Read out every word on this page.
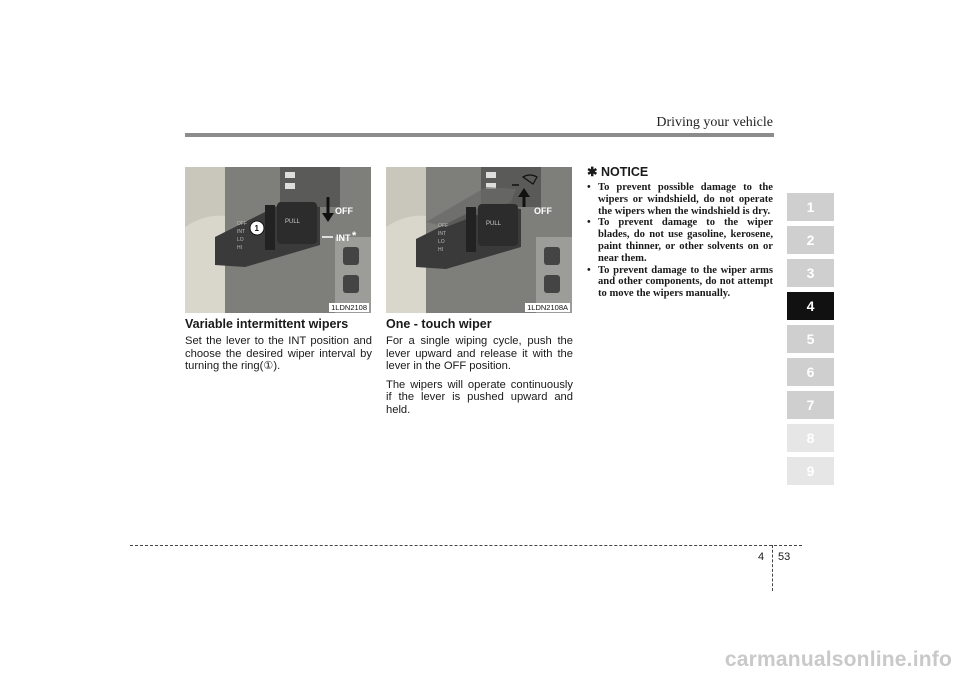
Driving your vehicle
PULL
OFF
INT
LO
HI
1
OFF
INT *
1LDN2108
PULL
OFF
INT
LO
HI
OFF
1LDN2108A
Variable intermittent wipers

Set the lever to the INT position and choose the desired wiper interval by turning the ring(①).

One - touch wiper

For a single wiping cycle, push the lever upward and release it with the lever in the OFF position.

The wipers will operate continuously if the lever is pushed upward and held.

✱ NOTICE
• To prevent possible damage to the wipers or windshield, do not operate the wipers when the windshield is dry.
• To prevent damage to the wiper blades, do not use gasoline, kerosene, paint thinner, or other solvents on or near them.
• To prevent damage to the wiper arms and other components, do not attempt to move the wipers manually.
1
2
3
4
5
6
7
8
9
4 53
carmanualsonline.info
